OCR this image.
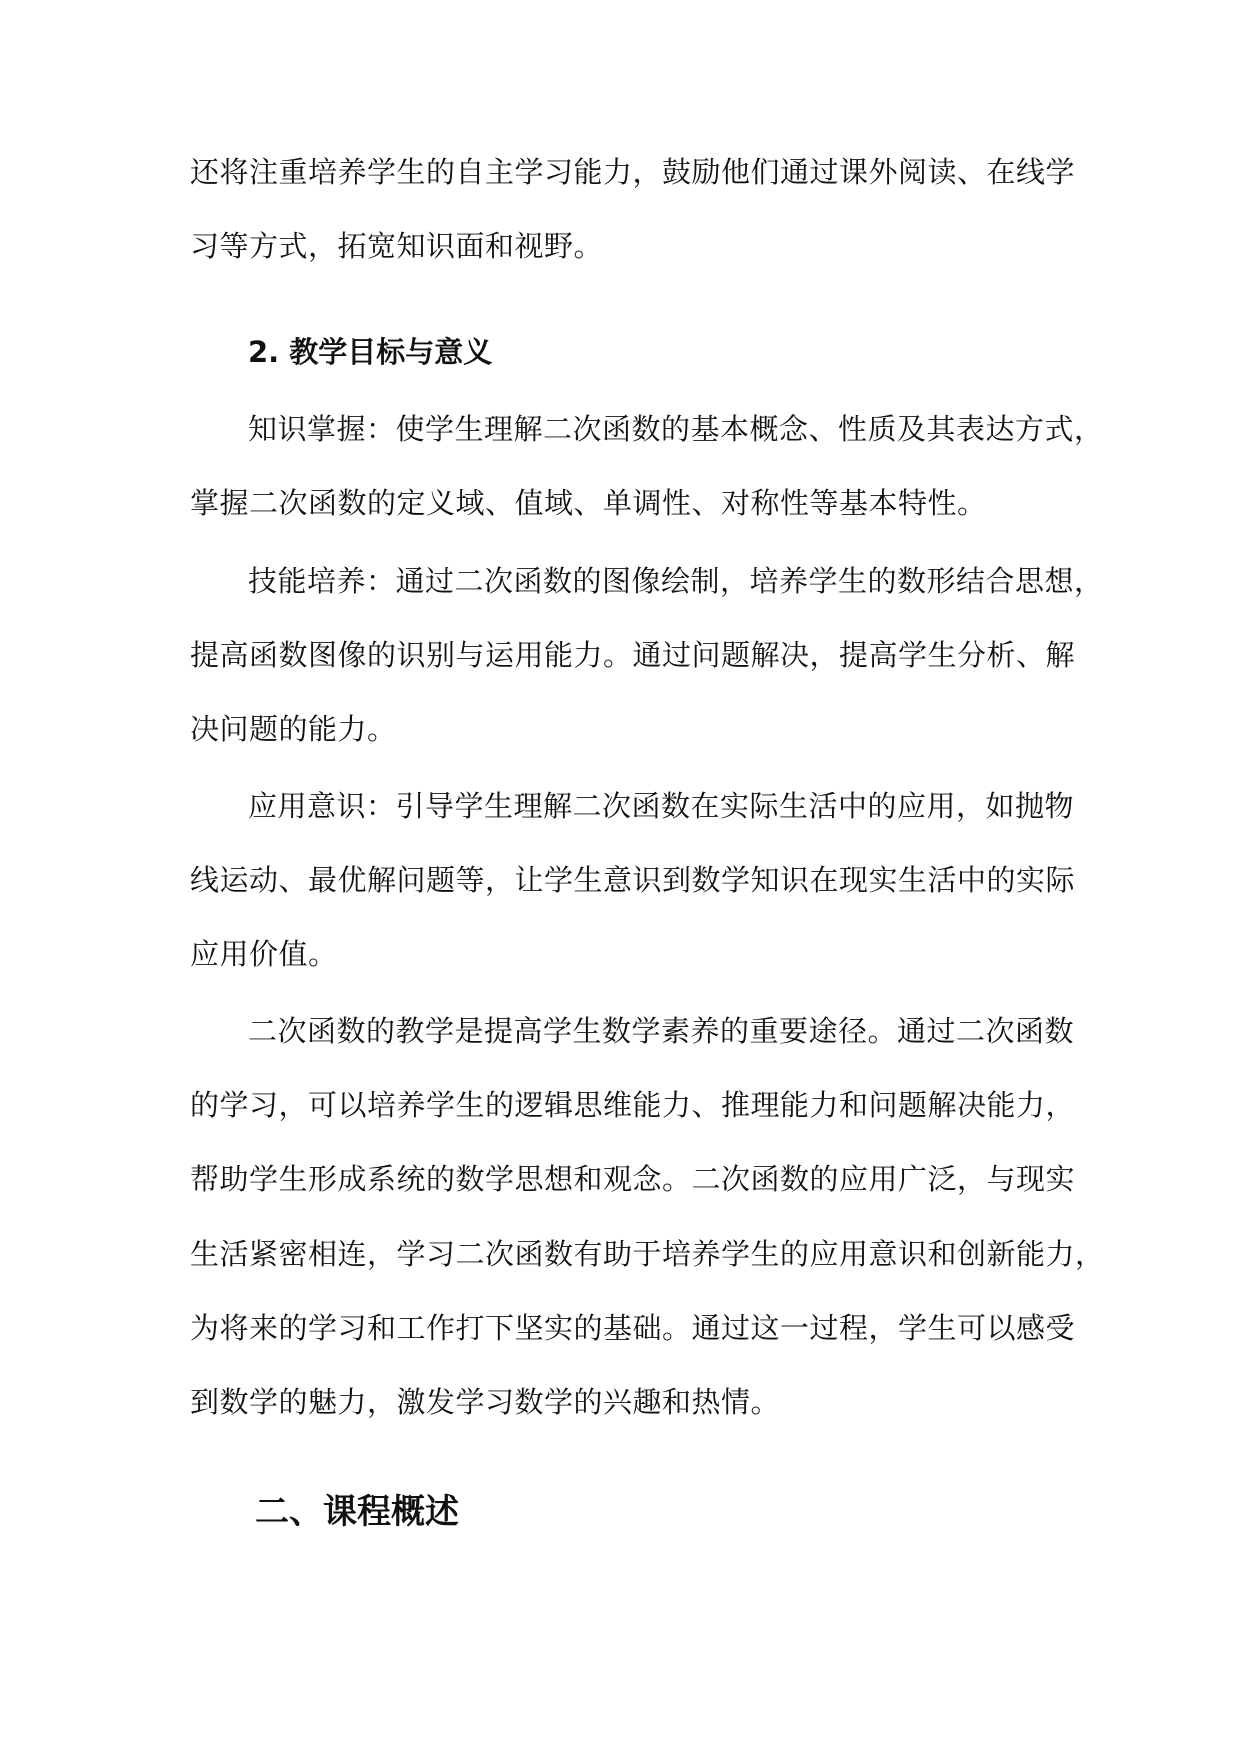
还将注重培养学生的自主学习能力，鼓励他们通过课外阅读、在线学
习等方式，拓宽知识面和视野。
2. 教学目标与意义
知识掌握：使学生理解二次函数的基本概念、性质及其表达方式，
掌握二次函数的定义域、值域、单调性、对称性等基本特性。
技能培养：通过二次函数的图像绘制，培养学生的数形结合思想，
提高函数图像的识别与运用能力。通过问题解决，提高学生分析、解
决问题的能力。
应用意识：引导学生理解二次函数在实际生活中的应用，如抛物
线运动、最优解问题等，让学生意识到数学知识在现实生活中的实际
应用价值。
二次函数的教学是提高学生数学素养的重要途径。通过二次函数
的学习，可以培养学生的逻辑思维能力、推理能力和问题解决能力，
帮助学生形成系统的数学思想和观念。二次函数的应用广泛，与现实
生活紧密相连，学习二次函数有助于培养学生的应用意识和创新能力，
为将来的学习和工作打下坚实的基础。通过这一过程，学生可以感受
到数学的魅力，激发学习数学的兴趣和热情。
二、课程概述
